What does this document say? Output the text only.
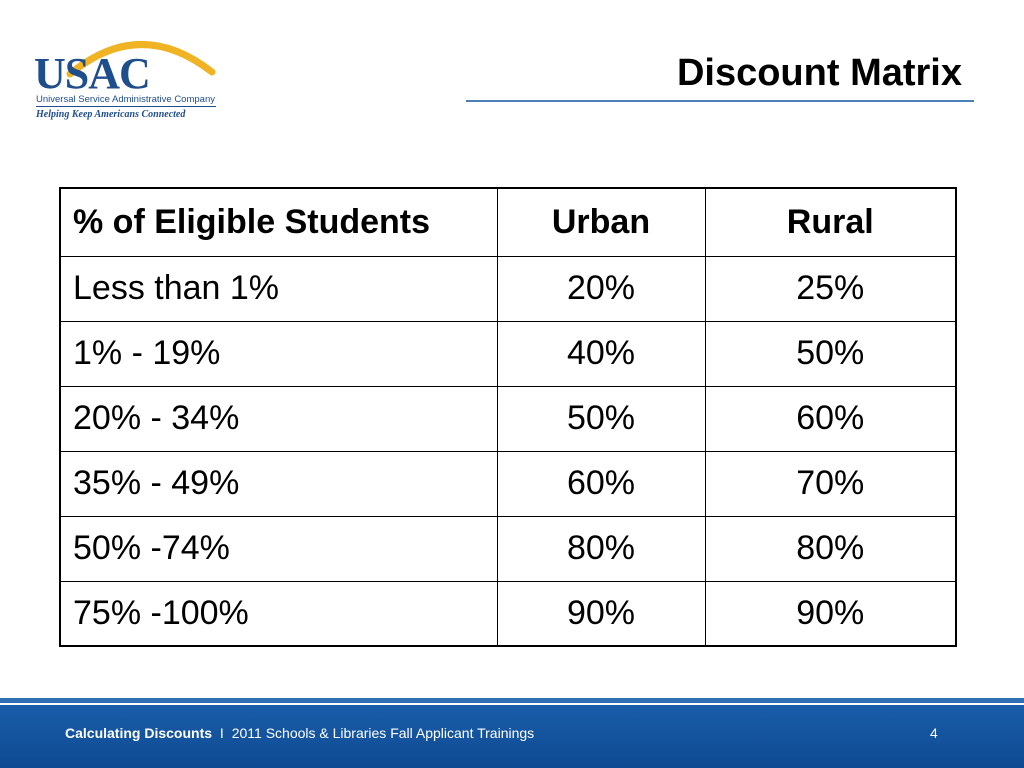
USAC
Universal Service Administrative Company
Helping Keep Americans Connected
Discount Matrix
% of Eligible Students	Urban	Rural
Less than 1%	20%	25%
1% - 19%	40%	50%
20% - 34%	50%	60%
35% - 49%	60%	70%
50% -74%	80%	80%
75% -100%	90%	90%
Calculating Discounts I 2011 Schools & Libraries Fall Applicant Trainings	4
